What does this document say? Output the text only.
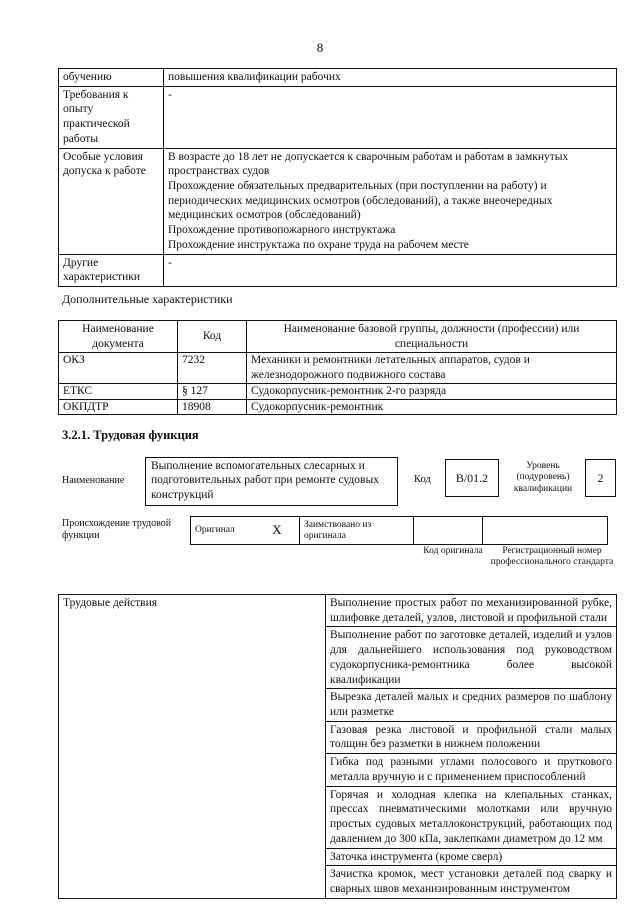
8
обучению	повышения квалификации рабочих
Требования к опыту практической работы	-
Особые условия допуска к работе	В возрасте до 18 лет не допускается к сварочным работам и работам в замкнутых пространствах судов
Прохождение обязательных предварительных (при поступлении на работу) и периодических медицинских осмотров (обследований), а также внеочередных медицинских осмотров (обследований)
Прохождение противопожарного инструктажа
Прохождение инструктажа по охране труда на рабочем месте

Другие характеристики	-
Дополнительные характеристики
Наименование документа	Код	Наименование базовой группы, должности (профессии) или специальности
ОКЗ	7232	Механики и ремонтники летательных аппаратов, судов и железнодорожного подвижного состава
ЕТКС	§ 127	Судокорпусник-ремонтник 2-го разряда
ОКПДТР	18908	Судокорпусник-ремонтник
3.2.1. Трудовая функция
Наименование
Выполнение вспомогательных слесарных и подготовительных работ при ремонте судовых конструкций
Код	B/01.2
Уровень (подуровень) квалификации
2
Происхождение трудовой функции	Оригинал	X	Заимствовано из оригинала		
Код оригинала	Регистрационный номер профессионального стандарта
Трудовые действия	Выполнение простых работ по механизированной рубке, шлифовке деталей, узлов, листовой и профильной стали
Выполнение работ по заготовке деталей, изделий и узлов для дальнейшего использования под руководством судокорпусника-ремонтника более высокой квалификации
Вырезка деталей малых и средних размеров по шаблону или разметке
Газовая резка листовой и профильной стали малых толщин без разметки в нижнем положении
Гибка под разными углами полосового и пруткового металла вручную и с применением приспособлений
Горячая и холодная клепка на клепальных станках, прессах пневматическими молотками или вручную простых судовых металлоконструкций, работающих под давлением до 300 кПа, заклепками диаметром до 12 мм
Заточка инструмента (кроме сверл)
Зачистка кромок, мест установки деталей под сварку и сварных швов механизированным инструментом
